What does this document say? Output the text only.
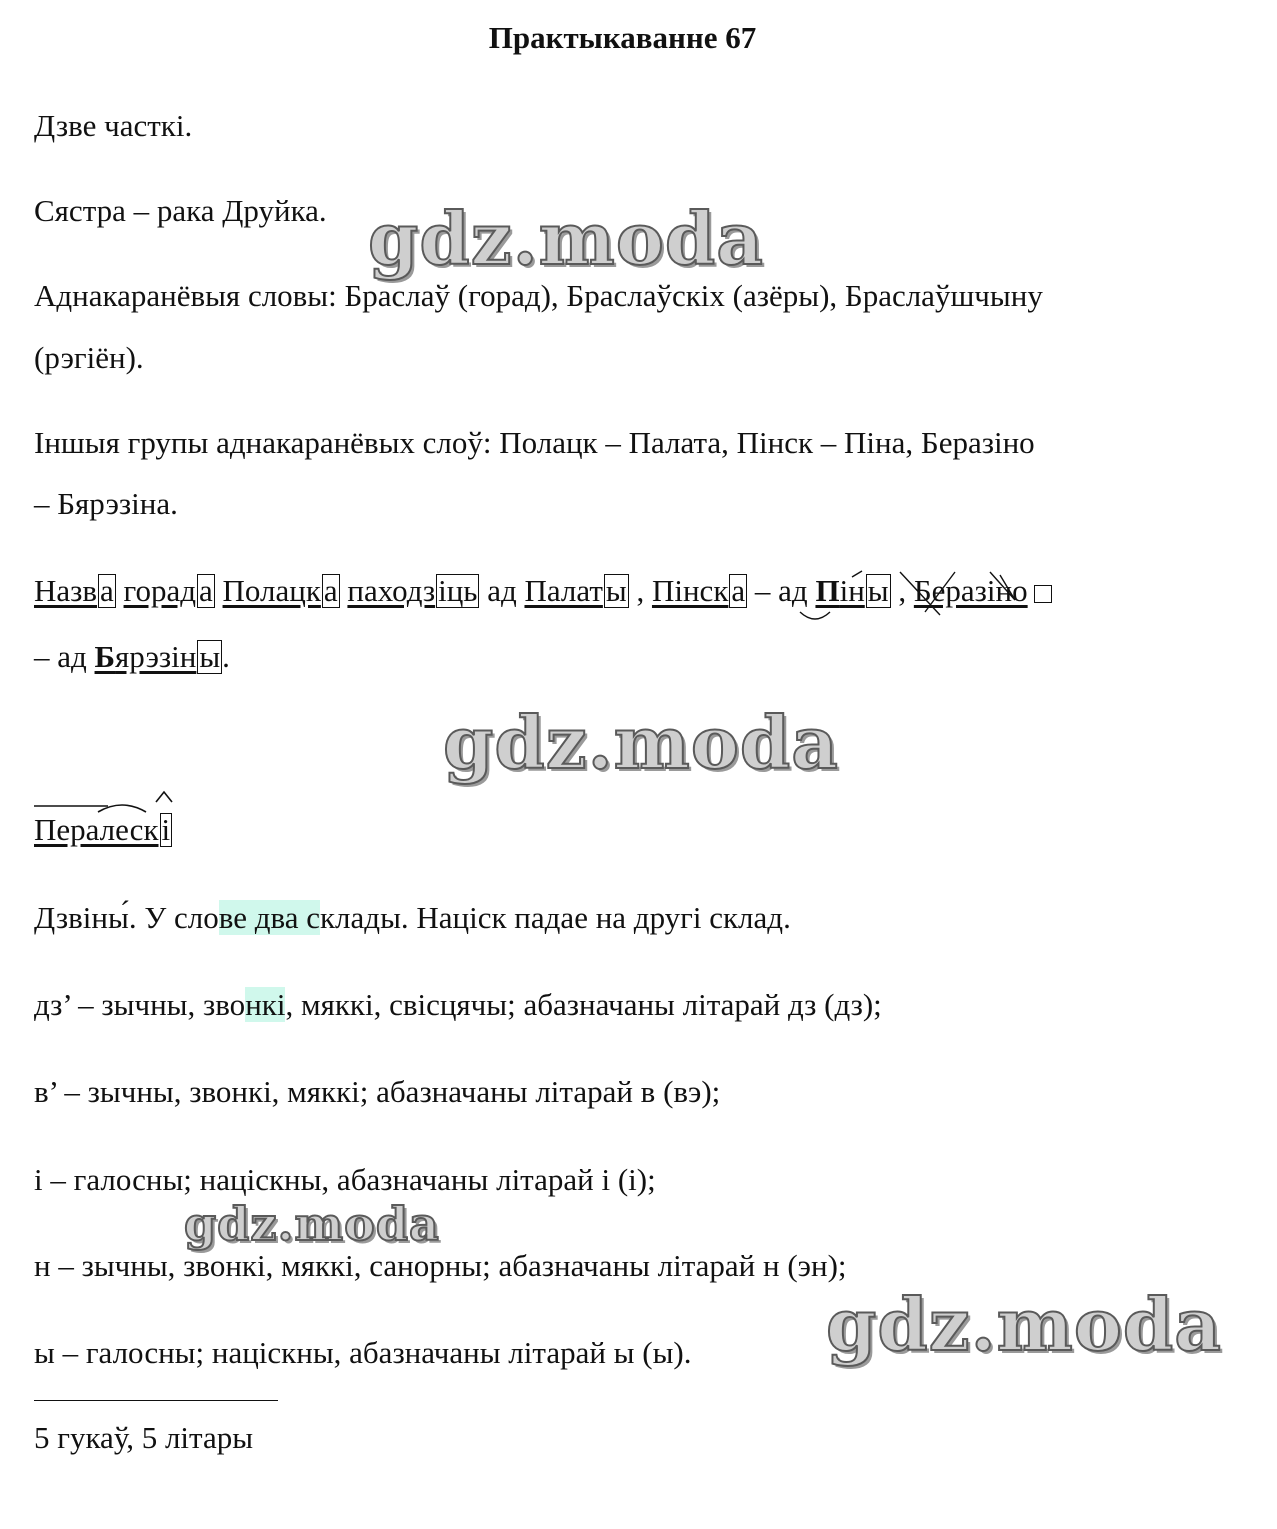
Практыкаванне 67
Дзве часткі.
Сястра – рака Друйка.
Аднакаранёвыя словы: Браслаў (горад), Браслаўскіх (азёры), Браслаўшчыну
(рэгіён).
Іншыя групы аднакаранёвых слоў: Полацк – Палата, Пінск – Піна, Беразіно
– Бярэзіна.
Назва горада Полацка паходзіць ад Палаты , Пінска – ад Піны , Беразіно
– ад Бярэзіны.
Пералескі
Дзвіны́. У слове два склады. Націск падае на другі склад.
дз’ – зычны, звонкі, мяккі, свісцячы; абазначаны літарай дз (дз);
в’ – зычны, звонкі, мяккі; абазначаны літарай в (вэ);
і – галосны; націскны, абазначаны літарай і (і);
н – зычны, звонкі, мяккі, санорны; абазначаны літарай н (эн);
ы – галосны; націскны, абазначаны літарай ы (ы).
5 гукаў, 5 літары
gdz.moda
gdz.moda
gdz.moda
gdz.moda
